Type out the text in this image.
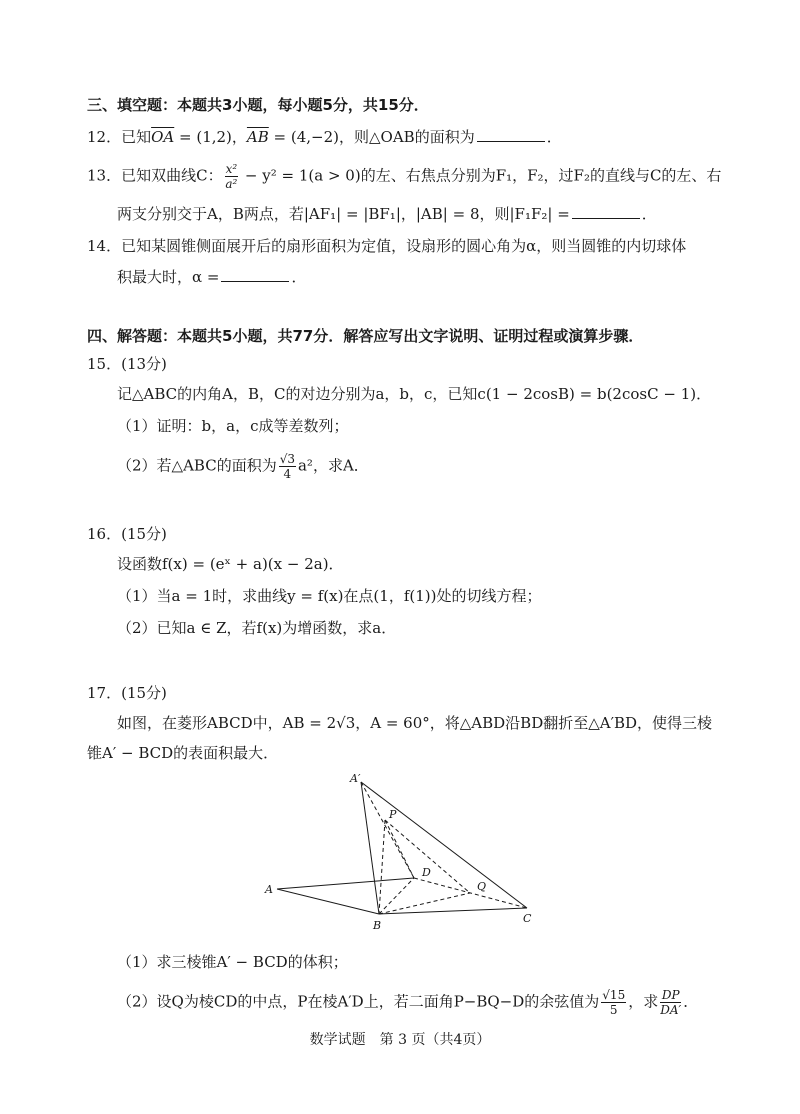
三、填空题：本题共3小题，每小题5分，共15分．
12．已知$\overline{OA} = (1,2)$，$\overline{AB} = (4,-2)$，则△OAB的面积为	．
13．已知双曲线C： $\frac{\text{x²}}{\text{a²}} - y^2 = 1(a > 0)$的左、右焦点分别为F₁，F₂，过F₂的直线与C的左、右
两支分别交于A，B两点，若|AF₁| = |BF₁|，|AB| = 8，则|F₁F₂| =	．
14．已知某圆锥侧面展开后的扇形面积为定值，设扇形的圆心角为α，则当圆锥的内切球体
积最大时，α =	．
四、解答题：本题共5小题，共77分．解答应写出文字说明、证明过程或演算步骤．
15．(13分)
记△ABC的内角A，B，C的对边分别为a，b，c，已知c(1 − 2cosB) = b(2cosC − 1)．
（1）证明：b，a，c成等差数列；
（2）若△ABC的面积为 $\frac{√3}{4} a^2$，求A．
16．(15分)
设函数f(x) = (eˣ + a)(x − 2a)．
（1）当a = 1时，求曲线y = f(x)在点(1，f(1))处的切线方程；
（2）已知a ∈ Z，若f(x)为增函数，求a．
17．(15分)
如图，在菱形ABCD中，AB = 2√3，A = 60°，将△ABD沿BD翻折至△A′BD，使得三棱
锥A′ − BCD的表面积最大．
A′
P
D
Q
A
B
C
（1）求三棱锥A′ − BCD的体积；
（2）设Q为棱CD的中点，P在棱A′D上，若二面角P−BQ−D的余弦值为 $\frac{√15}{5}$ ，求 $\frac{DP}{DA'}$ ．
数学试题　第 3 页（共4页）
